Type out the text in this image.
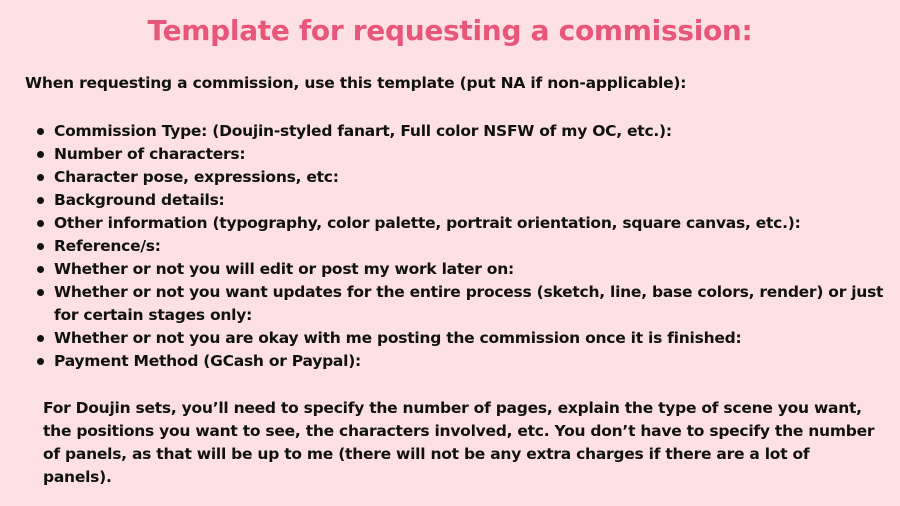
Template for requesting a commission:

When requesting a commission, use this template (put NA if non-applicable):

Commission Type: (Doujin-styled fanart, Full color NSFW of my OC, etc.):
Number of characters:
Character pose, expressions, etc:
Background details:
Other information (typography, color palette, portrait orientation, square canvas, etc.):
Reference/s:
Whether or not you will edit or post my work later on:
Whether or not you want updates for the entire process (sketch, line, base colors, render) or just for certain stages only:
Whether or not you are okay with me posting the commission once it is finished:
Payment Method (GCash or Paypal):

For Doujin sets, you’ll need to specify the number of pages, explain the type of scene you want, the positions you want to see, the characters involved, etc. You don’t have to specify the number of panels, as that will be up to me (there will not be any extra charges if there are a lot of panels).
